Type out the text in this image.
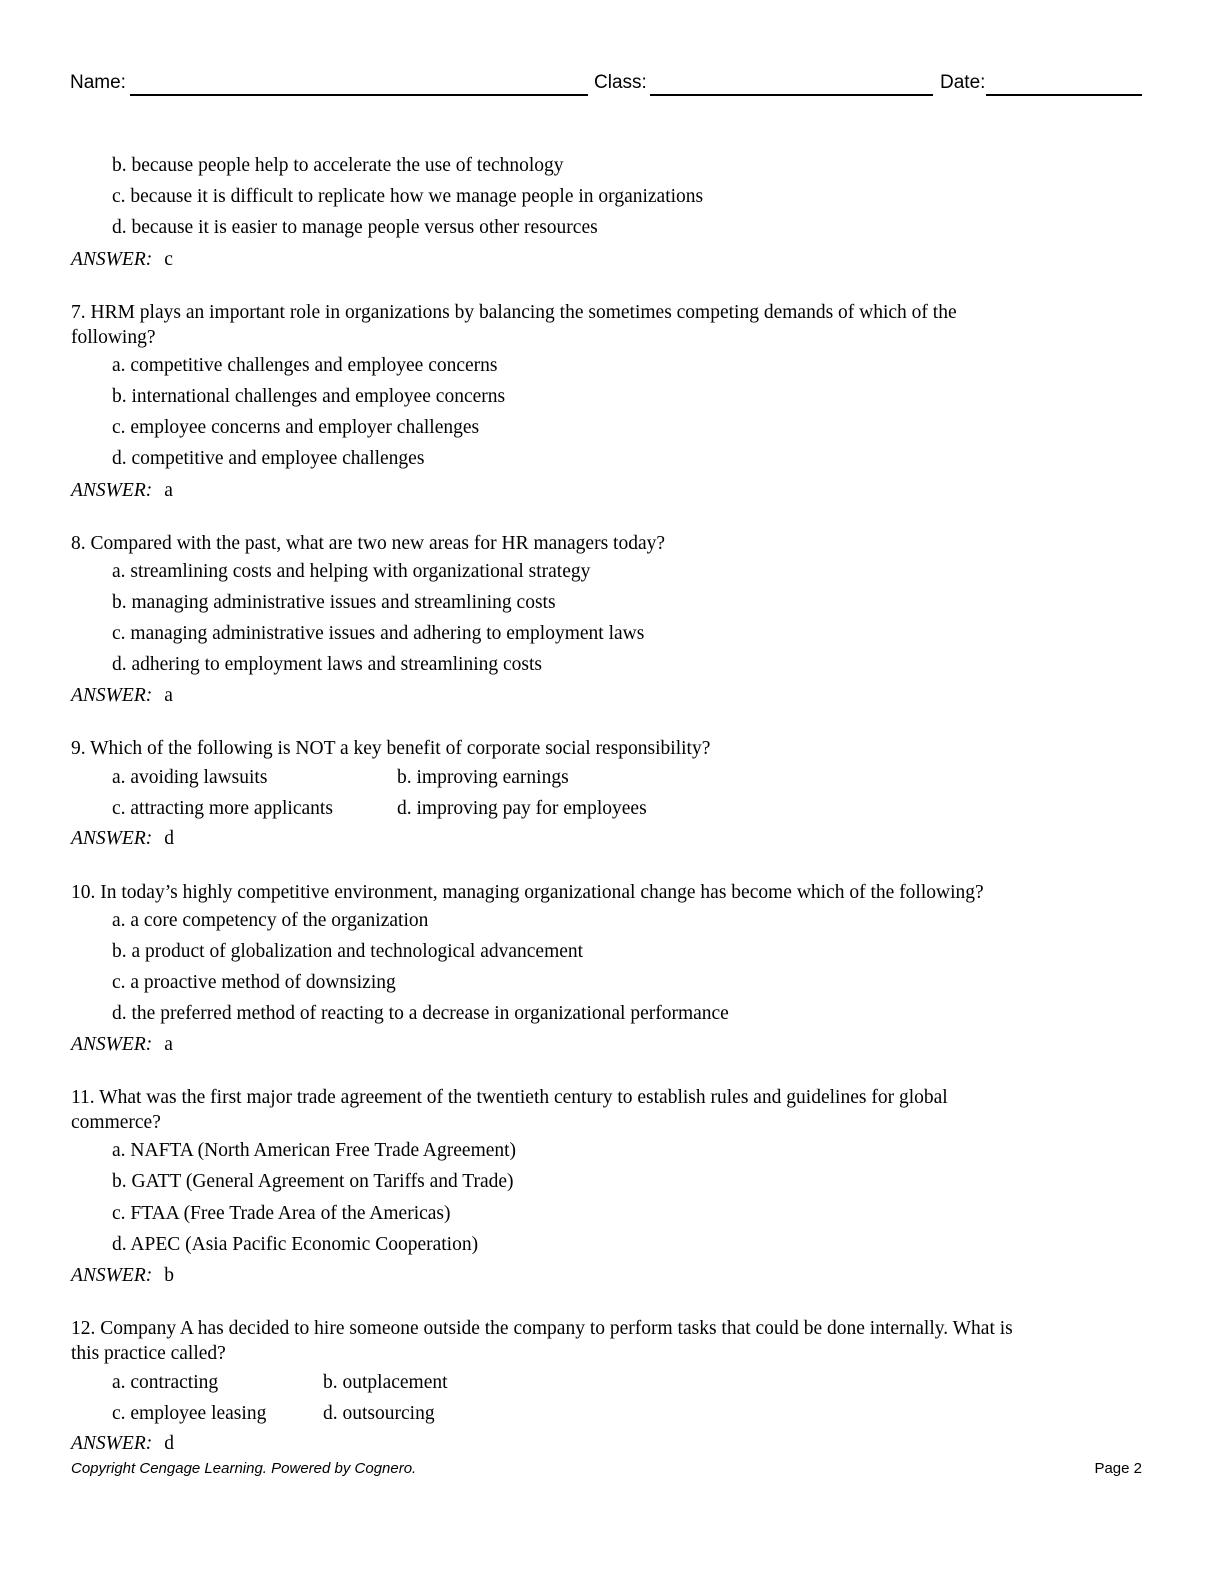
Name:	Class:	Date:
b. because people help to accelerate the use of technology
c. because it is difficult to replicate how we manage people in organizations
d. because it is easier to manage people versus other resources
ANSWER: c
7. HRM plays an important role in organizations by balancing the sometimes competing demands of which of the
following?
a. competitive challenges and employee concerns
b. international challenges and employee concerns
c. employee concerns and employer challenges
d. competitive and employee challenges
ANSWER: a
8. Compared with the past, what are two new areas for HR managers today?
a. streamlining costs and helping with organizational strategy
b. managing administrative issues and streamlining costs
c. managing administrative issues and adhering to employment laws
d. adhering to employment laws and streamlining costs
ANSWER: a
9. Which of the following is NOT a key benefit of corporate social responsibility?
a. avoiding lawsuits	b. improving earnings
c. attracting more applicants	d. improving pay for employees
ANSWER: d
10. In today’s highly competitive environment, managing organizational change has become which of the following?
a. a core competency of the organization
b. a product of globalization and technological advancement
c. a proactive method of downsizing
d. the preferred method of reacting to a decrease in organizational performance
ANSWER: a
11. What was the first major trade agreement of the twentieth century to establish rules and guidelines for global
commerce?
a. NAFTA (North American Free Trade Agreement)
b. GATT (General Agreement on Tariffs and Trade)
c. FTAA (Free Trade Area of the Americas)
d. APEC (Asia Pacific Economic Cooperation)
ANSWER: b
12. Company A has decided to hire someone outside the company to perform tasks that could be done internally. What is
this practice called?
a. contracting	b. outplacement
c. employee leasing	d. outsourcing
ANSWER: d
Copyright Cengage Learning. Powered by Cognero.	Page 2
